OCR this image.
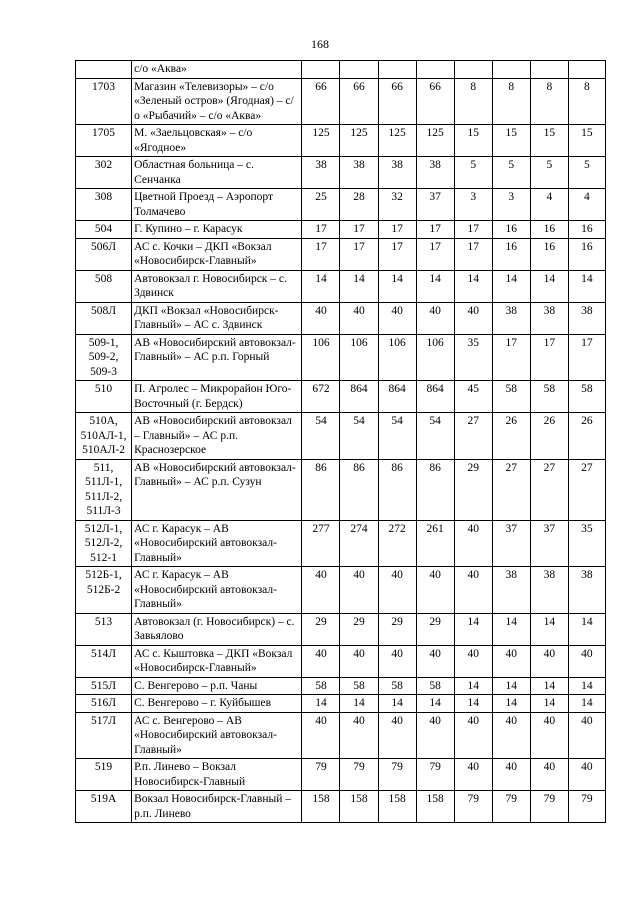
168
	с/о «Аква»								
1703	Магазин «Телевизоры» – с/о «Зеленый остров» (Ягодная) – с/о «Рыбачий» – с/о «Аква»	66	66	66	66	8	8	8	8
1705	М. «Заельцовская» – с/о «Ягодное»	125	125	125	125	15	15	15	15
302	Областная больница – с. Сенчанка	38	38	38	38	5	5	5	5
308	Цветной Проезд – Аэропорт Толмачево	25	28	32	37	3	3	4	4
504	Г. Купино – г. Карасук	17	17	17	17	17	16	16	16
506Л	АС с. Кочки – ДКП «Вокзал «Новосибирск-Главный»	17	17	17	17	17	16	16	16
508	Автовокзал г. Новосибирск – с. Здвинск	14	14	14	14	14	14	14	14
508Л	ДКП «Вокзал «Новосибирск-Главный» – АС с. Здвинск	40	40	40	40	40	38	38	38
509-1, 509-2, 509-3	АВ «Новосибирский автовокзал-Главный» – АС р.п. Горный	106	106	106	106	35	17	17	17
510	П. Агролес – Микрорайон Юго-Восточный (г. Бердск)	672	864	864	864	45	58	58	58
510А, 510АЛ-1, 510АЛ-2	АВ «Новосибирский автовокзал – Главный» – АС р.п. Краснозерское	54	54	54	54	27	26	26	26
511, 511Л-1, 511Л-2, 511Л-3	АВ «Новосибирский автовокзал-Главный» – АС р.п. Сузун	86	86	86	86	29	27	27	27
512Л-1, 512Л-2, 512-1	АС г. Карасук – АВ «Новосибирский автовокзал-Главный»	277	274	272	261	40	37	37	35
512Б-1, 512Б-2	АС г. Карасук – АВ «Новосибирский автовокзал-Главный»	40	40	40	40	40	38	38	38
513	Автовокзал (г. Новосибирск) – с. Завьялово	29	29	29	29	14	14	14	14
514Л	АС с. Кыштовка – ДКП «Вокзал «Новосибирск-Главный»	40	40	40	40	40	40	40	40
515Л	С. Венгерово – р.п. Чаны	58	58	58	58	14	14	14	14
516Л	С. Венгерово – г. Куйбышев	14	14	14	14	14	14	14	14
517Л	АС с. Венгерово – АВ «Новосибирский автовокзал-Главный»	40	40	40	40	40	40	40	40
519	Р.п. Линево – Вокзал Новосибирск-Главный	79	79	79	79	40	40	40	40
519А	Вокзал Новосибирск-Главный – р.п. Линево	158	158	158	158	79	79	79	79
